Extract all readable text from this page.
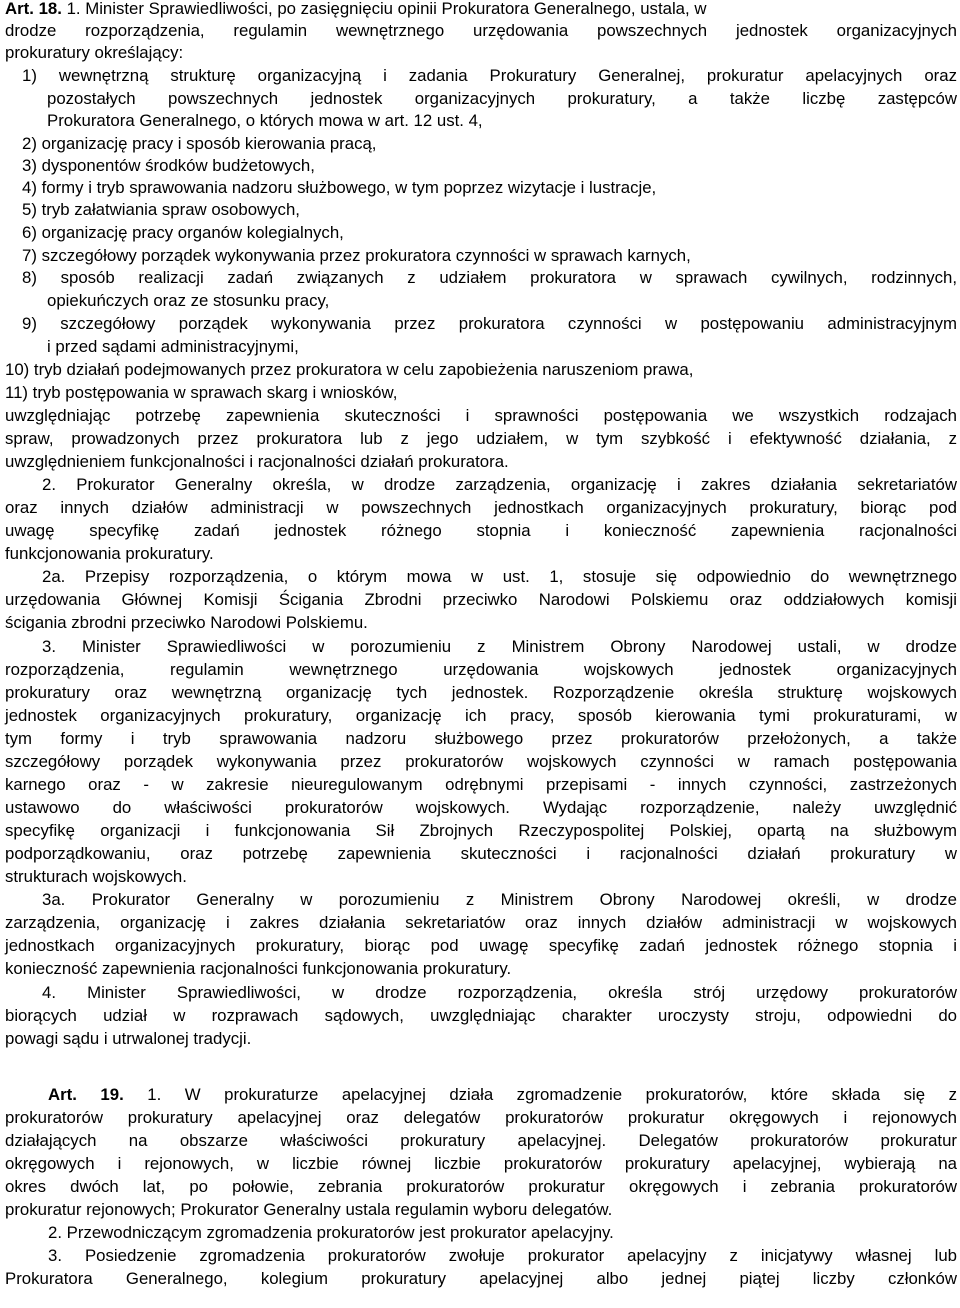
Art. 18. 1. Minister Sprawiedliwości, po zasięgnięciu opinii Prokuratora Generalnego, ustala, w
drodze rozporządzenia, regulamin wewnętrznego urzędowania powszechnych jednostek organizacyjnych
prokuratury określający:
1) wewnętrzną strukturę organizacyjną i zadania Prokuratury Generalnej, prokuratur apelacyjnych oraz
pozostałych powszechnych jednostek organizacyjnych prokuratury, a także liczbę zastępców
Prokuratora Generalnego, o których mowa w art. 12 ust. 4,
2) organizację pracy i sposób kierowania pracą,
3) dysponentów środków budżetowych,
4) formy i tryb sprawowania nadzoru służbowego, w tym poprzez wizytacje i lustracje,
5) tryb załatwiania spraw osobowych,
6) organizację pracy organów kolegialnych,
7) szczegółowy porządek wykonywania przez prokuratora czynności w sprawach karnych,
8) sposób realizacji zadań związanych z udziałem prokuratora w sprawach cywilnych, rodzinnych,
opiekuńczych oraz ze stosunku pracy,
9) szczegółowy porządek wykonywania przez prokuratora czynności w postępowaniu administracyjnym
i przed sądami administracyjnymi,
10) tryb działań podejmowanych przez prokuratora w celu zapobieżenia naruszeniom prawa,
11) tryb postępowania w sprawach skarg i wniosków,
uwzględniając potrzebę zapewnienia skuteczności i sprawności postępowania we wszystkich rodzajach
spraw, prowadzonych przez prokuratora lub z jego udziałem, w tym szybkość i efektywność działania, z
uwzględnieniem funkcjonalności i racjonalności działań prokuratora.
2. Prokurator Generalny określa, w drodze zarządzenia, organizację i zakres działania sekretariatów
oraz innych działów administracji w powszechnych jednostkach organizacyjnych prokuratury, biorąc pod
uwagę specyfikę zadań jednostek różnego stopnia i konieczność zapewnienia racjonalności
funkcjonowania prokuratury.
2a. Przepisy rozporządzenia, o którym mowa w ust. 1, stosuje się odpowiednio do wewnętrznego
urzędowania Głównej Komisji Ścigania Zbrodni przeciwko Narodowi Polskiemu oraz oddziałowych komisji
ścigania zbrodni przeciwko Narodowi Polskiemu.
3. Minister Sprawiedliwości w porozumieniu z Ministrem Obrony Narodowej ustali, w drodze
rozporządzenia, regulamin wewnętrznego urzędowania wojskowych jednostek organizacyjnych
prokuratury oraz wewnętrzną organizację tych jednostek. Rozporządzenie określa strukturę wojskowych
jednostek organizacyjnych prokuratury, organizację ich pracy, sposób kierowania tymi prokuraturami, w
tym formy i tryb sprawowania nadzoru służbowego przez prokuratorów przełożonych, a także
szczegółowy porządek wykonywania przez prokuratorów wojskowych czynności w ramach postępowania
karnego oraz - w zakresie nieuregulowanym odrębnymi przepisami - innych czynności, zastrzeżonych
ustawowo do właściwości prokuratorów wojskowych. Wydając rozporządzenie, należy uwzględnić
specyfikę organizacji i funkcjonowania Sił Zbrojnych Rzeczypospolitej Polskiej, opartą na służbowym
podporządkowaniu, oraz potrzebę zapewnienia skuteczności i racjonalności działań prokuratury w
strukturach wojskowych.
3a. Prokurator Generalny w porozumieniu z Ministrem Obrony Narodowej określi, w drodze
zarządzenia, organizację i zakres działania sekretariatów oraz innych działów administracji w wojskowych
jednostkach organizacyjnych prokuratury, biorąc pod uwagę specyfikę zadań jednostek różnego stopnia i
konieczność zapewnienia racjonalności funkcjonowania prokuratury.
4. Minister Sprawiedliwości, w drodze rozporządzenia, określa strój urzędowy prokuratorów
biorących udział w rozprawach sądowych, uwzględniając charakter uroczysty stroju, odpowiedni do
powagi sądu i utrwalonej tradycji.
Art. 19. 1. W prokuraturze apelacyjnej działa zgromadzenie prokuratorów, które składa się z
prokuratorów prokuratury apelacyjnej oraz delegatów prokuratorów prokuratur okręgowych i rejonowych
działających na obszarze właściwości prokuratury apelacyjnej. Delegatów prokuratorów prokuratur
okręgowych i rejonowych, w liczbie równej liczbie prokuratorów prokuratury apelacyjnej, wybierają na
okres dwóch lat, po połowie, zebrania prokuratorów prokuratur okręgowych i zebrania prokuratorów
prokuratur rejonowych; Prokurator Generalny ustala regulamin wyboru delegatów.
2. Przewodniczącym zgromadzenia prokuratorów jest prokurator apelacyjny.
3. Posiedzenie zgromadzenia prokuratorów zwołuje prokurator apelacyjny z inicjatywy własnej lub
Prokuratora Generalnego, kolegium prokuratury apelacyjnej albo jednej piątej liczby członków
